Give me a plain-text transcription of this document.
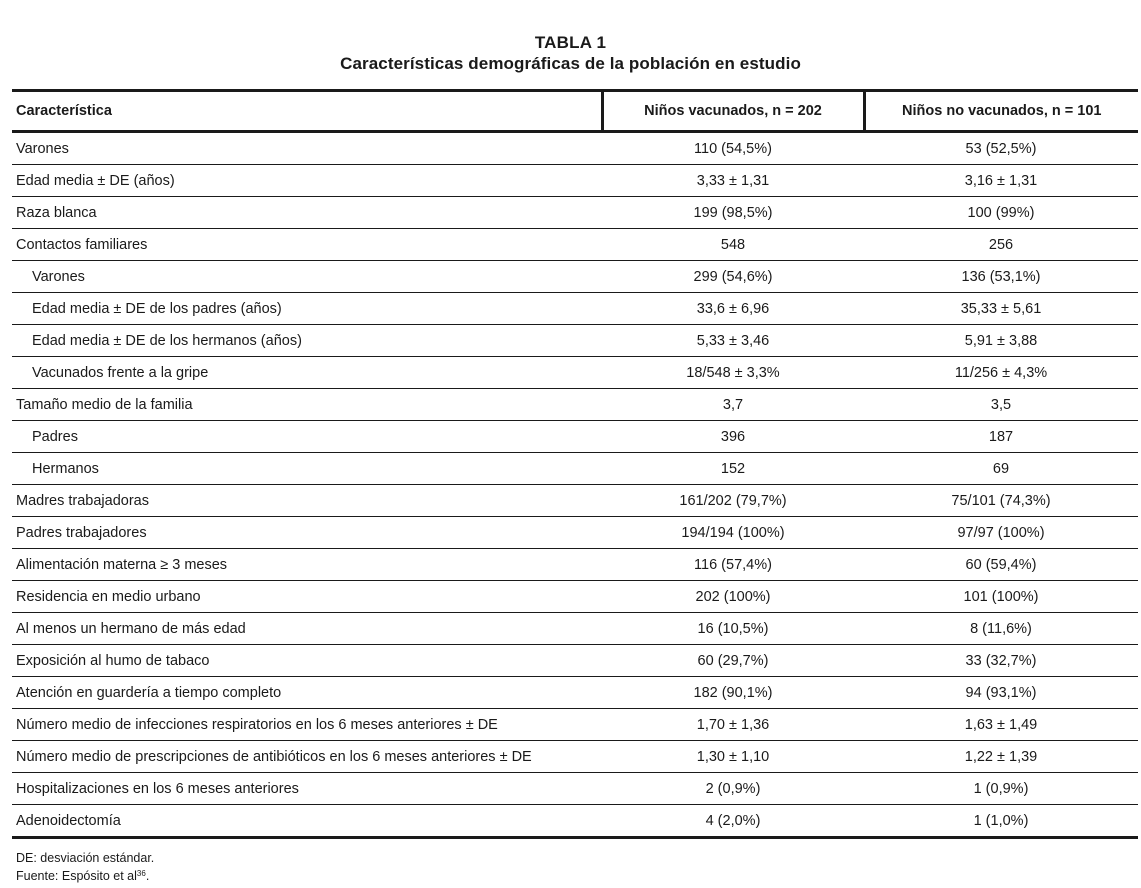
TABLA 1
Características demográficas de la población en estudio
Característica	Niños vacunados, n = 202	Niños no vacunados, n = 101
Varones	110 (54,5%)	53 (52,5%)
Edad media ± DE (años)	3,33 ± 1,31	3,16 ± 1,31
Raza blanca	199 (98,5%)	100 (99%)
Contactos familiares	548	256
Varones	299 (54,6%)	136 (53,1%)
Edad media ± DE de los padres (años)	33,6 ± 6,96	35,33 ± 5,61
Edad media ± DE de los hermanos (años)	5,33 ± 3,46	5,91 ± 3,88
Vacunados frente a la gripe	18/548 ± 3,3%	11/256 ± 4,3%
Tamaño medio de la familia	3,7	3,5
Padres	396	187
Hermanos	152	69
Madres trabajadoras	161/202 (79,7%)	75/101 (74,3%)
Padres trabajadores	194/194 (100%)	97/97 (100%)
Alimentación materna ≥ 3 meses	116 (57,4%)	60 (59,4%)
Residencia en medio urbano	202 (100%)	101 (100%)
Al menos un hermano de más edad	16 (10,5%)	8 (11,6%)
Exposición al humo de tabaco	60 (29,7%)	33 (32,7%)
Atención en guardería a tiempo completo	182 (90,1%)	94 (93,1%)
Número medio de infecciones respiratorios en los 6 meses anteriores ± DE	1,70 ± 1,36	1,63 ± 1,49
Número medio de prescripciones de antibióticos en los 6 meses anteriores ± DE	1,30 ± 1,10	1,22 ± 1,39
Hospitalizaciones en los 6 meses anteriores	2 (0,9%)	1 (0,9%)
Adenoidectomía	4 (2,0%)	1 (1,0%)
DE: desviación estándar.
Fuente: Espósito et $al^{36}$.
